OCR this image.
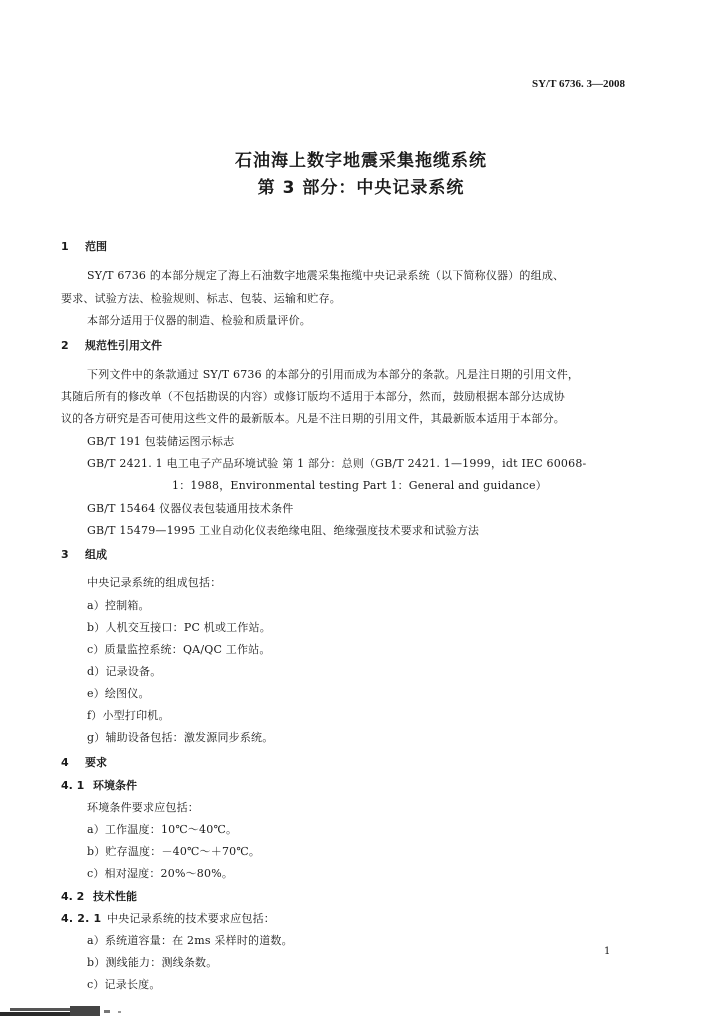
SY/T 6736. 3—2008
石油海上数字地震采集拖缆系统
第 3 部分：中央记录系统
1 范围
SY/T 6736 的本部分规定了海上石油数字地震采集拖缆中央记录系统（以下简称仪器）的组成、
要求、试验方法、检验规则、标志、包装、运输和贮存。
本部分适用于仪器的制造、检验和质量评价。
2 规范性引用文件
下列文件中的条款通过 SY/T 6736 的本部分的引用而成为本部分的条款。凡是注日期的引用文件，
其随后所有的修改单（不包括勘误的内容）或修订版均不适用于本部分，然而，鼓励根据本部分达成协
议的各方研究是否可使用这些文件的最新版本。凡是不注日期的引用文件，其最新版本适用于本部分。
GB/T 191 包装储运图示标志
GB/T 2421. 1 电工电子产品环境试验 第 1 部分：总则（GB/T 2421. 1—1999，idt IEC 60068-
1：1988，Environmental testing Part 1：General and guidance）
GB/T 15464 仪器仪表包装通用技术条件
GB/T 15479—1995 工业自动化仪表绝缘电阻、绝缘强度技术要求和试验方法
3 组成
中央记录系统的组成包括：
a）控制箱。
b）人机交互接口：PC 机或工作站。
c）质量监控系统：QA/QC 工作站。
d）记录设备。
e）绘图仪。
f）小型打印机。
g）辅助设备包括：激发源同步系统。
4 要求
4. 1 环境条件
环境条件要求应包括：
a）工作温度：10℃～40℃。
b）贮存温度：－40℃～＋70℃。
c）相对湿度：20%～80%。
4. 2 技术性能
4. 2. 1 中央记录系统的技术要求应包括：
a）系统道容量：在 2ms 采样时的道数。
b）测线能力：测线条数。
c）记录长度。
1
